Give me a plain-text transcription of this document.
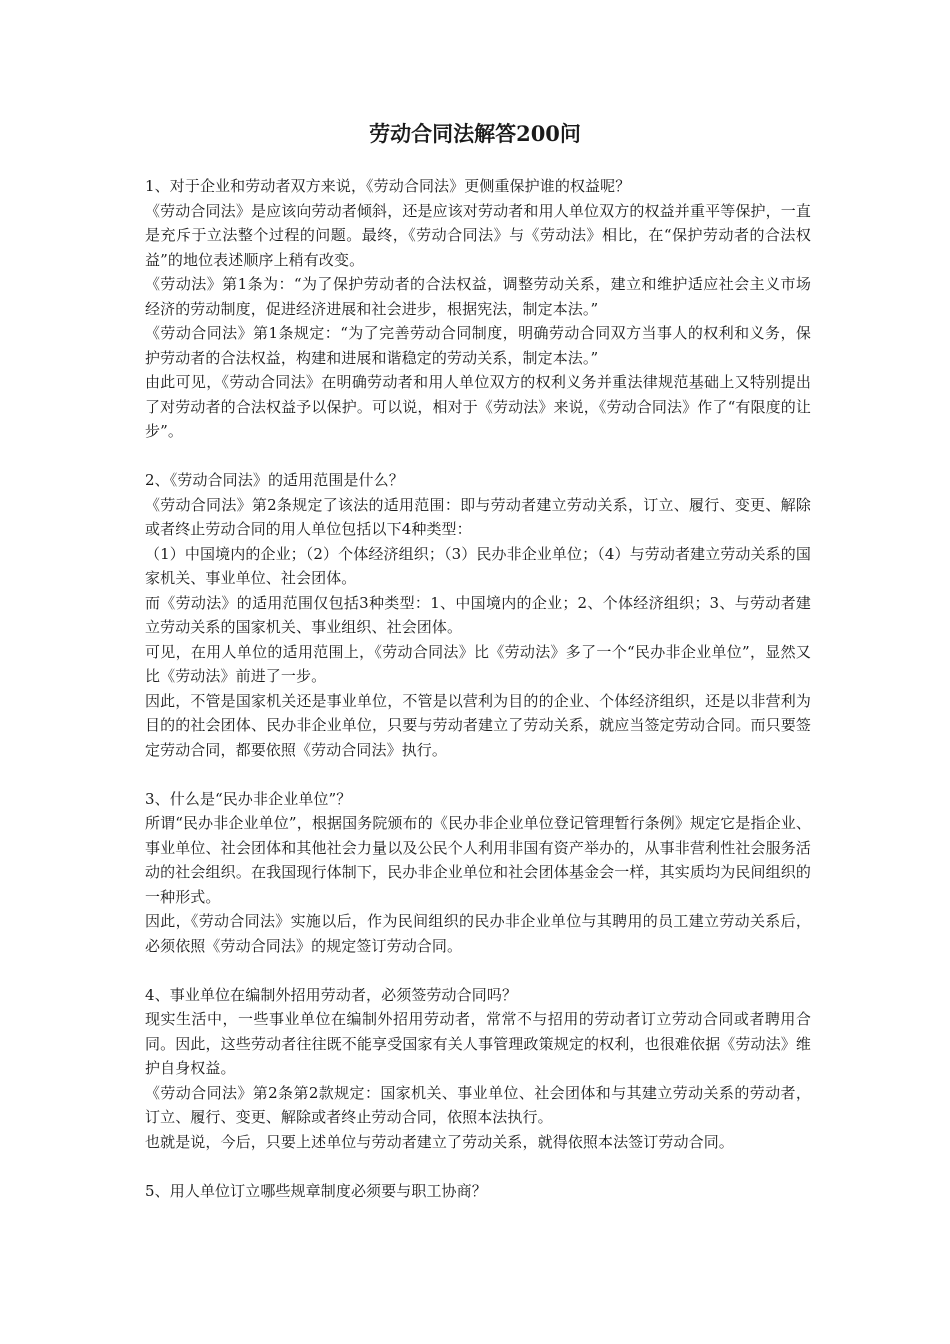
劳动合同法解答200问

1、对于企业和劳动者双方来说，《劳动合同法》更侧重保护谁的权益呢？

《劳动合同法》是应该向劳动者倾斜，还是应该对劳动者和用人单位双方的权益并重平等保护，一直是充斥于立法整个过程的问题。最终，《劳动合同法》与《劳动法》相比，在“保护劳动者的合法权益”的地位表述顺序上稍有改变。

《劳动法》第1条为：“为了保护劳动者的合法权益，调整劳动关系，建立和维护适应社会主义市场经济的劳动制度，促进经济进展和社会进步，根据宪法，制定本法。”

《劳动合同法》第1条规定：“为了完善劳动合同制度，明确劳动合同双方当事人的权利和义务，保护劳动者的合法权益，构建和进展和谐稳定的劳动关系，制定本法。”

由此可见，《劳动合同法》在明确劳动者和用人单位双方的权利义务并重法律规范基础上又特别提出了对劳动者的合法权益予以保护。可以说，相对于《劳动法》来说，《劳动合同法》作了“有限度的让步”。

2、《劳动合同法》的适用范围是什么？

《劳动合同法》第2条规定了该法的适用范围：即与劳动者建立劳动关系，订立、履行、变更、解除或者终止劳动合同的用人单位包括以下4种类型：

（1）中国境内的企业；（2）个体经济组织；（3）民办非企业单位；（4）与劳动者建立劳动关系的国家机关、事业单位、社会团体。

而《劳动法》的适用范围仅包括3种类型：1、中国境内的企业；2、个体经济组织；3、与劳动者建立劳动关系的国家机关、事业组织、社会团体。

可见，在用人单位的适用范围上，《劳动合同法》比《劳动法》多了一个“民办非企业单位”，显然又比《劳动法》前进了一步。

因此，不管是国家机关还是事业单位，不管是以营利为目的的企业、个体经济组织，还是以非营利为目的的社会团体、民办非企业单位，只要与劳动者建立了劳动关系，就应当签定劳动合同。而只要签定劳动合同，都要依照《劳动合同法》执行。

3、什么是“民办非企业单位”？

所谓“民办非企业单位”，根据国务院颁布的《民办非企业单位登记管理暂行条例》规定它是指企业、事业单位、社会团体和其他社会力量以及公民个人利用非国有资产举办的，从事非营利性社会服务活动的社会组织。在我国现行体制下，民办非企业单位和社会团体基金会一样，其实质均为民间组织的一种形式。

因此，《劳动合同法》实施以后，作为民间组织的民办非企业单位与其聘用的员工建立劳动关系后，必须依照《劳动合同法》的规定签订劳动合同。

4、事业单位在编制外招用劳动者，必须签劳动合同吗？

现实生活中，一些事业单位在编制外招用劳动者，常常不与招用的劳动者订立劳动合同或者聘用合同。因此，这些劳动者往往既不能享受国家有关人事管理政策规定的权利，也很难依据《劳动法》维护自身权益。

《劳动合同法》第2条第2款规定：国家机关、事业单位、社会团体和与其建立劳动关系的劳动者，订立、履行、变更、解除或者终止劳动合同，依照本法执行。

也就是说，今后，只要上述单位与劳动者建立了劳动关系，就得依照本法签订劳动合同。

5、用人单位订立哪些规章制度必须要与职工协商？
